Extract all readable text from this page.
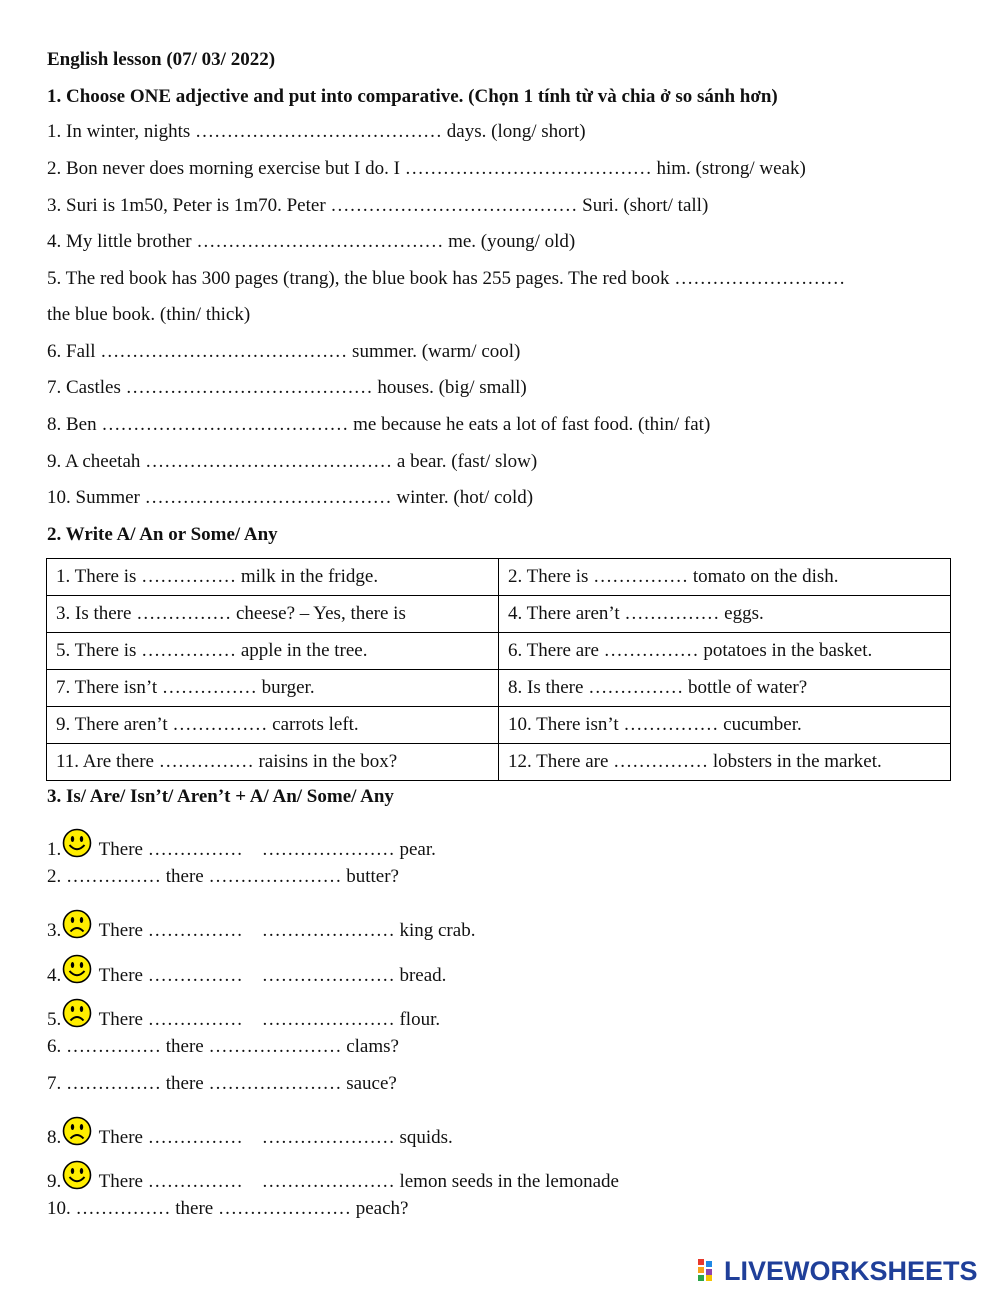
English lesson (07/ 03/ 2022)
1. Choose ONE adjective and put into comparative. (Chọn 1 tính từ và chia ở so sánh hơn)
1. In winter, nights ………………………………… days. (long/ short)
2. Bon never does morning exercise but I do. I ………………………………… him. (strong/ weak)
3. Suri is 1m50, Peter is 1m70. Peter ………………………………… Suri. (short/ tall)
4. My little brother ………………………………… me. (young/ old)
5. The red book has 300 pages (trang), the blue book has 255 pages. The red book ………………………
the blue book. (thin/ thick)
6. Fall ………………………………… summer. (warm/ cool)
7. Castles ………………………………… houses. (big/ small)
8. Ben ………………………………… me because he eats a lot of fast food. (thin/ fat)
9. A cheetah ………………………………… a bear. (fast/ slow)
10. Summer ………………………………… winter. (hot/ cold)
2. Write A/ An or Some/ Any
1. There is …………… milk in the fridge.	2. There is …………… tomato on the dish.
3. Is there …………… cheese? – Yes, there is	4. There aren’t …………… eggs.
5. There is …………… apple in the tree.	6. There are …………… potatoes in the basket.
7. There isn’t …………… burger.	8. Is there …………… bottle of water?
9. There aren’t …………… carrots left.	10. There isn’t …………… cucumber.
11. Are there …………… raisins in the box?	12. There are …………… lobsters in the market.
3. Is/ Are/ Isn’t/ Aren’t + A/ An/ Some/ Any
1. There ……………    ………………… pear.
2. …………… there ………………… butter?
3. There ……………    ………………… king crab.
4. There ……………    ………………… bread.
5. There ……………    ………………… flour.
6. …………… there ………………… clams?
7. …………… there ………………… sauce?
8. There ……………    ………………… squids.
9. There ……………    ………………… lemon seeds in the lemonade
10. …………… there ………………… peach?
LIVEWORKSHEETS
